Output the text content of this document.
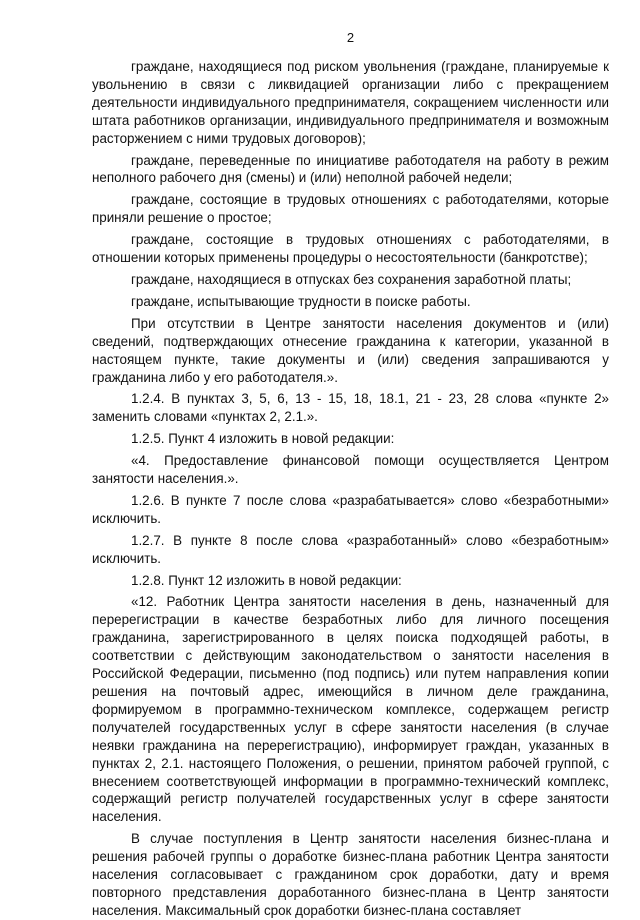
2

граждане, находящиеся под риском увольнения (граждане, планируемые к увольнению в связи с ликвидацией организации либо с прекращением деятельности индивидуального предпринимателя, сокращением численности или штата работников организации, индивидуального предпринимателя и возможным расторжением с ними трудовых договоров);

граждане, переведенные по инициативе работодателя на работу в режим неполного рабочего дня (смены) и (или) неполной рабочей недели;

граждане, состоящие в трудовых отношениях с работодателями, которые приняли решение о простое;

граждане, состоящие в трудовых отношениях с работодателями, в отношении которых применены процедуры о несостоятельности (банкротстве);

граждане, находящиеся в отпусках без сохранения заработной платы;

граждане, испытывающие трудности в поиске работы.

При отсутствии в Центре занятости населения документов и (или) сведений, подтверждающих отнесение гражданина к категории, указанной в настоящем пункте, такие документы и (или) сведения запрашиваются у гражданина либо у его работодателя.».

1.2.4. В пунктах 3, 5, 6, 13 - 15, 18, 18.1, 21 - 23, 28 слова «пункте 2» заменить словами «пунктах 2, 2.1.».

1.2.5. Пункт 4 изложить в новой редакции:

«4. Предоставление финансовой помощи осуществляется Центром занятости населения.».

1.2.6. В пункте 7 после слова «разрабатывается» слово «безработными» исключить.

1.2.7. В пункте 8 после слова «разработанный» слово «безработным» исключить.

1.2.8. Пункт 12 изложить в новой редакции:

«12. Работник Центра занятости населения в день, назначенный для перерегистрации в качестве безработных либо для личного посещения гражданина, зарегистрированного в целях поиска подходящей работы, в соответствии с действующим законодательством о занятости населения в Российской Федерации, письменно (под подпись) или путем направления копии решения на почтовый адрес, имеющийся в личном деле гражданина, формируемом в программно-техническом комплексе, содержащем регистр получателей государственных услуг в сфере занятости населения (в случае неявки гражданина на перерегистрацию), информирует граждан, указанных в пунктах 2, 2.1. настоящего Положения, о решении, принятом рабочей группой, с внесением соответствующей информации в программно-технический комплекс, содержащий регистр получателей государственных услуг в сфере занятости населения.

В случае поступления в Центр занятости населения бизнес-плана и решения рабочей группы о доработке бизнес-плана работник Центра занятости населения согласовывает с гражданином срок доработки, дату и время повторного представления доработанного бизнес-плана в Центр занятости населения. Максимальный срок доработки бизнес-плана составляет
